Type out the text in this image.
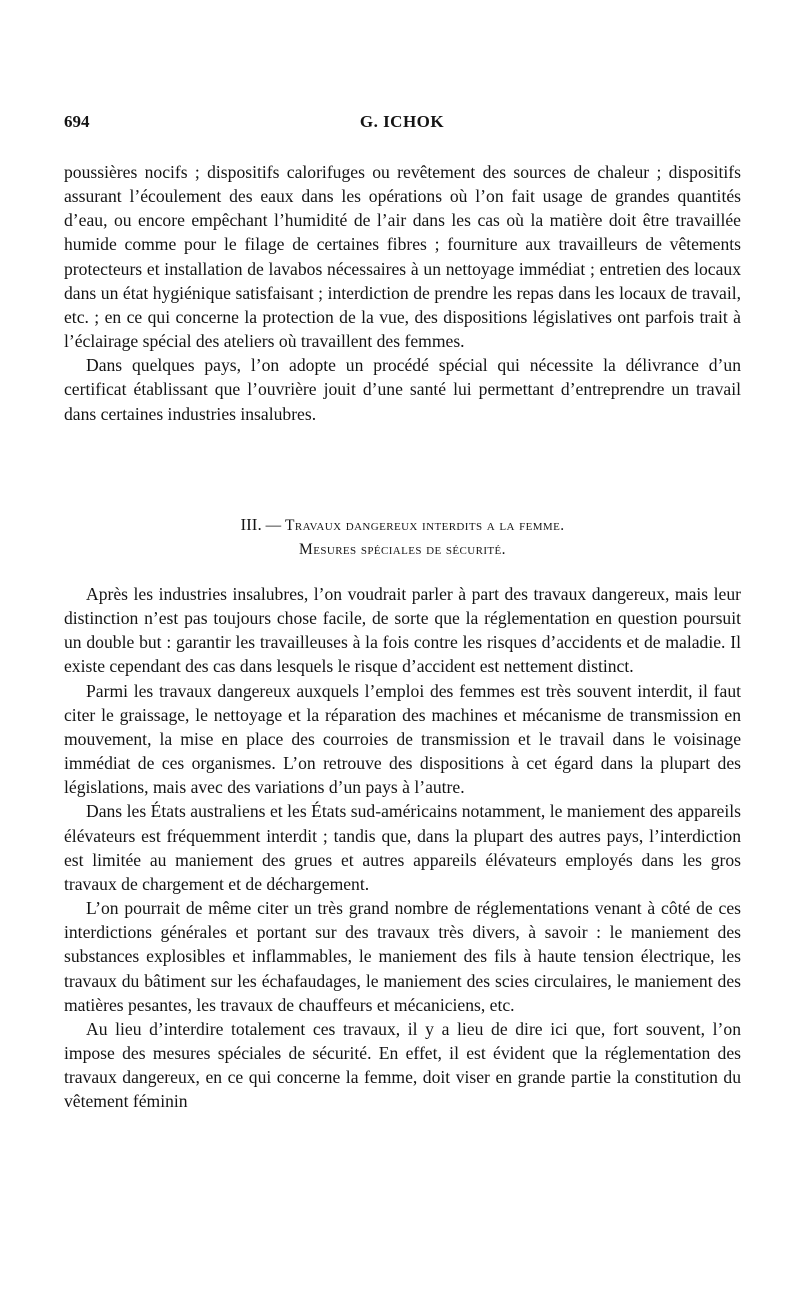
694	G. ICHOK

poussières nocifs ; dispositifs calorifuges ou revêtement des sources de chaleur ; dispositifs assurant l’écoulement des eaux dans les opérations où l’on fait usage de grandes quantités d’eau, ou encore empêchant l’humidité de l’air dans les cas où la matière doit être travaillée humide comme pour le filage de certaines fibres ; fourniture aux travailleurs de vêtements protecteurs et installation de lavabos nécessaires à un nettoyage immédiat ; entretien des locaux dans un état hygiénique satisfaisant ; interdiction de prendre les repas dans les locaux de travail, etc. ; en ce qui concerne la protection de la vue, des dispositions législatives ont parfois trait à l’éclairage spécial des ateliers où travaillent des femmes.

Dans quelques pays, l’on adopte un procédé spécial qui nécessite la délivrance d’un certificat établissant que l’ouvrière jouit d’une santé lui permettant d’entreprendre un travail dans certaines industries insalubres.

III. — Travaux dangereux interdits a la femme.
Mesures spéciales de sécurité.

Après les industries insalubres, l’on voudrait parler à part des travaux dangereux, mais leur distinction n’est pas toujours chose facile, de sorte que la réglementation en question poursuit un double but : garantir les travailleuses à la fois contre les risques d’accidents et de maladie. Il existe cependant des cas dans lesquels le risque d’accident est nettement distinct.

Parmi les travaux dangereux auxquels l’emploi des femmes est très souvent interdit, il faut citer le graissage, le nettoyage et la réparation des machines et mécanisme de transmission en mouvement, la mise en place des courroies de transmission et le travail dans le voisinage immédiat de ces organismes. L’on retrouve des dispositions à cet égard dans la plupart des législations, mais avec des variations d’un pays à l’autre.

Dans les États australiens et les États sud-américains notamment, le maniement des appareils élévateurs est fréquemment interdit ; tandis que, dans la plupart des autres pays, l’interdiction est limitée au maniement des grues et autres appareils élévateurs employés dans les gros travaux de chargement et de déchargement.

L’on pourrait de même citer un très grand nombre de réglementations venant à côté de ces interdictions générales et portant sur des travaux très divers, à savoir : le maniement des substances explosibles et inflammables, le maniement des fils à haute tension électrique, les travaux du bâtiment sur les échafaudages, le maniement des scies circulaires, le maniement des matières pesantes, les travaux de chauffeurs et mécaniciens, etc.

Au lieu d’interdire totalement ces travaux, il y a lieu de dire ici que, fort souvent, l’on impose des mesures spéciales de sécurité. En effet, il est évident que la réglementation des travaux dangereux, en ce qui concerne la femme, doit viser en grande partie la constitution du vêtement féminin
